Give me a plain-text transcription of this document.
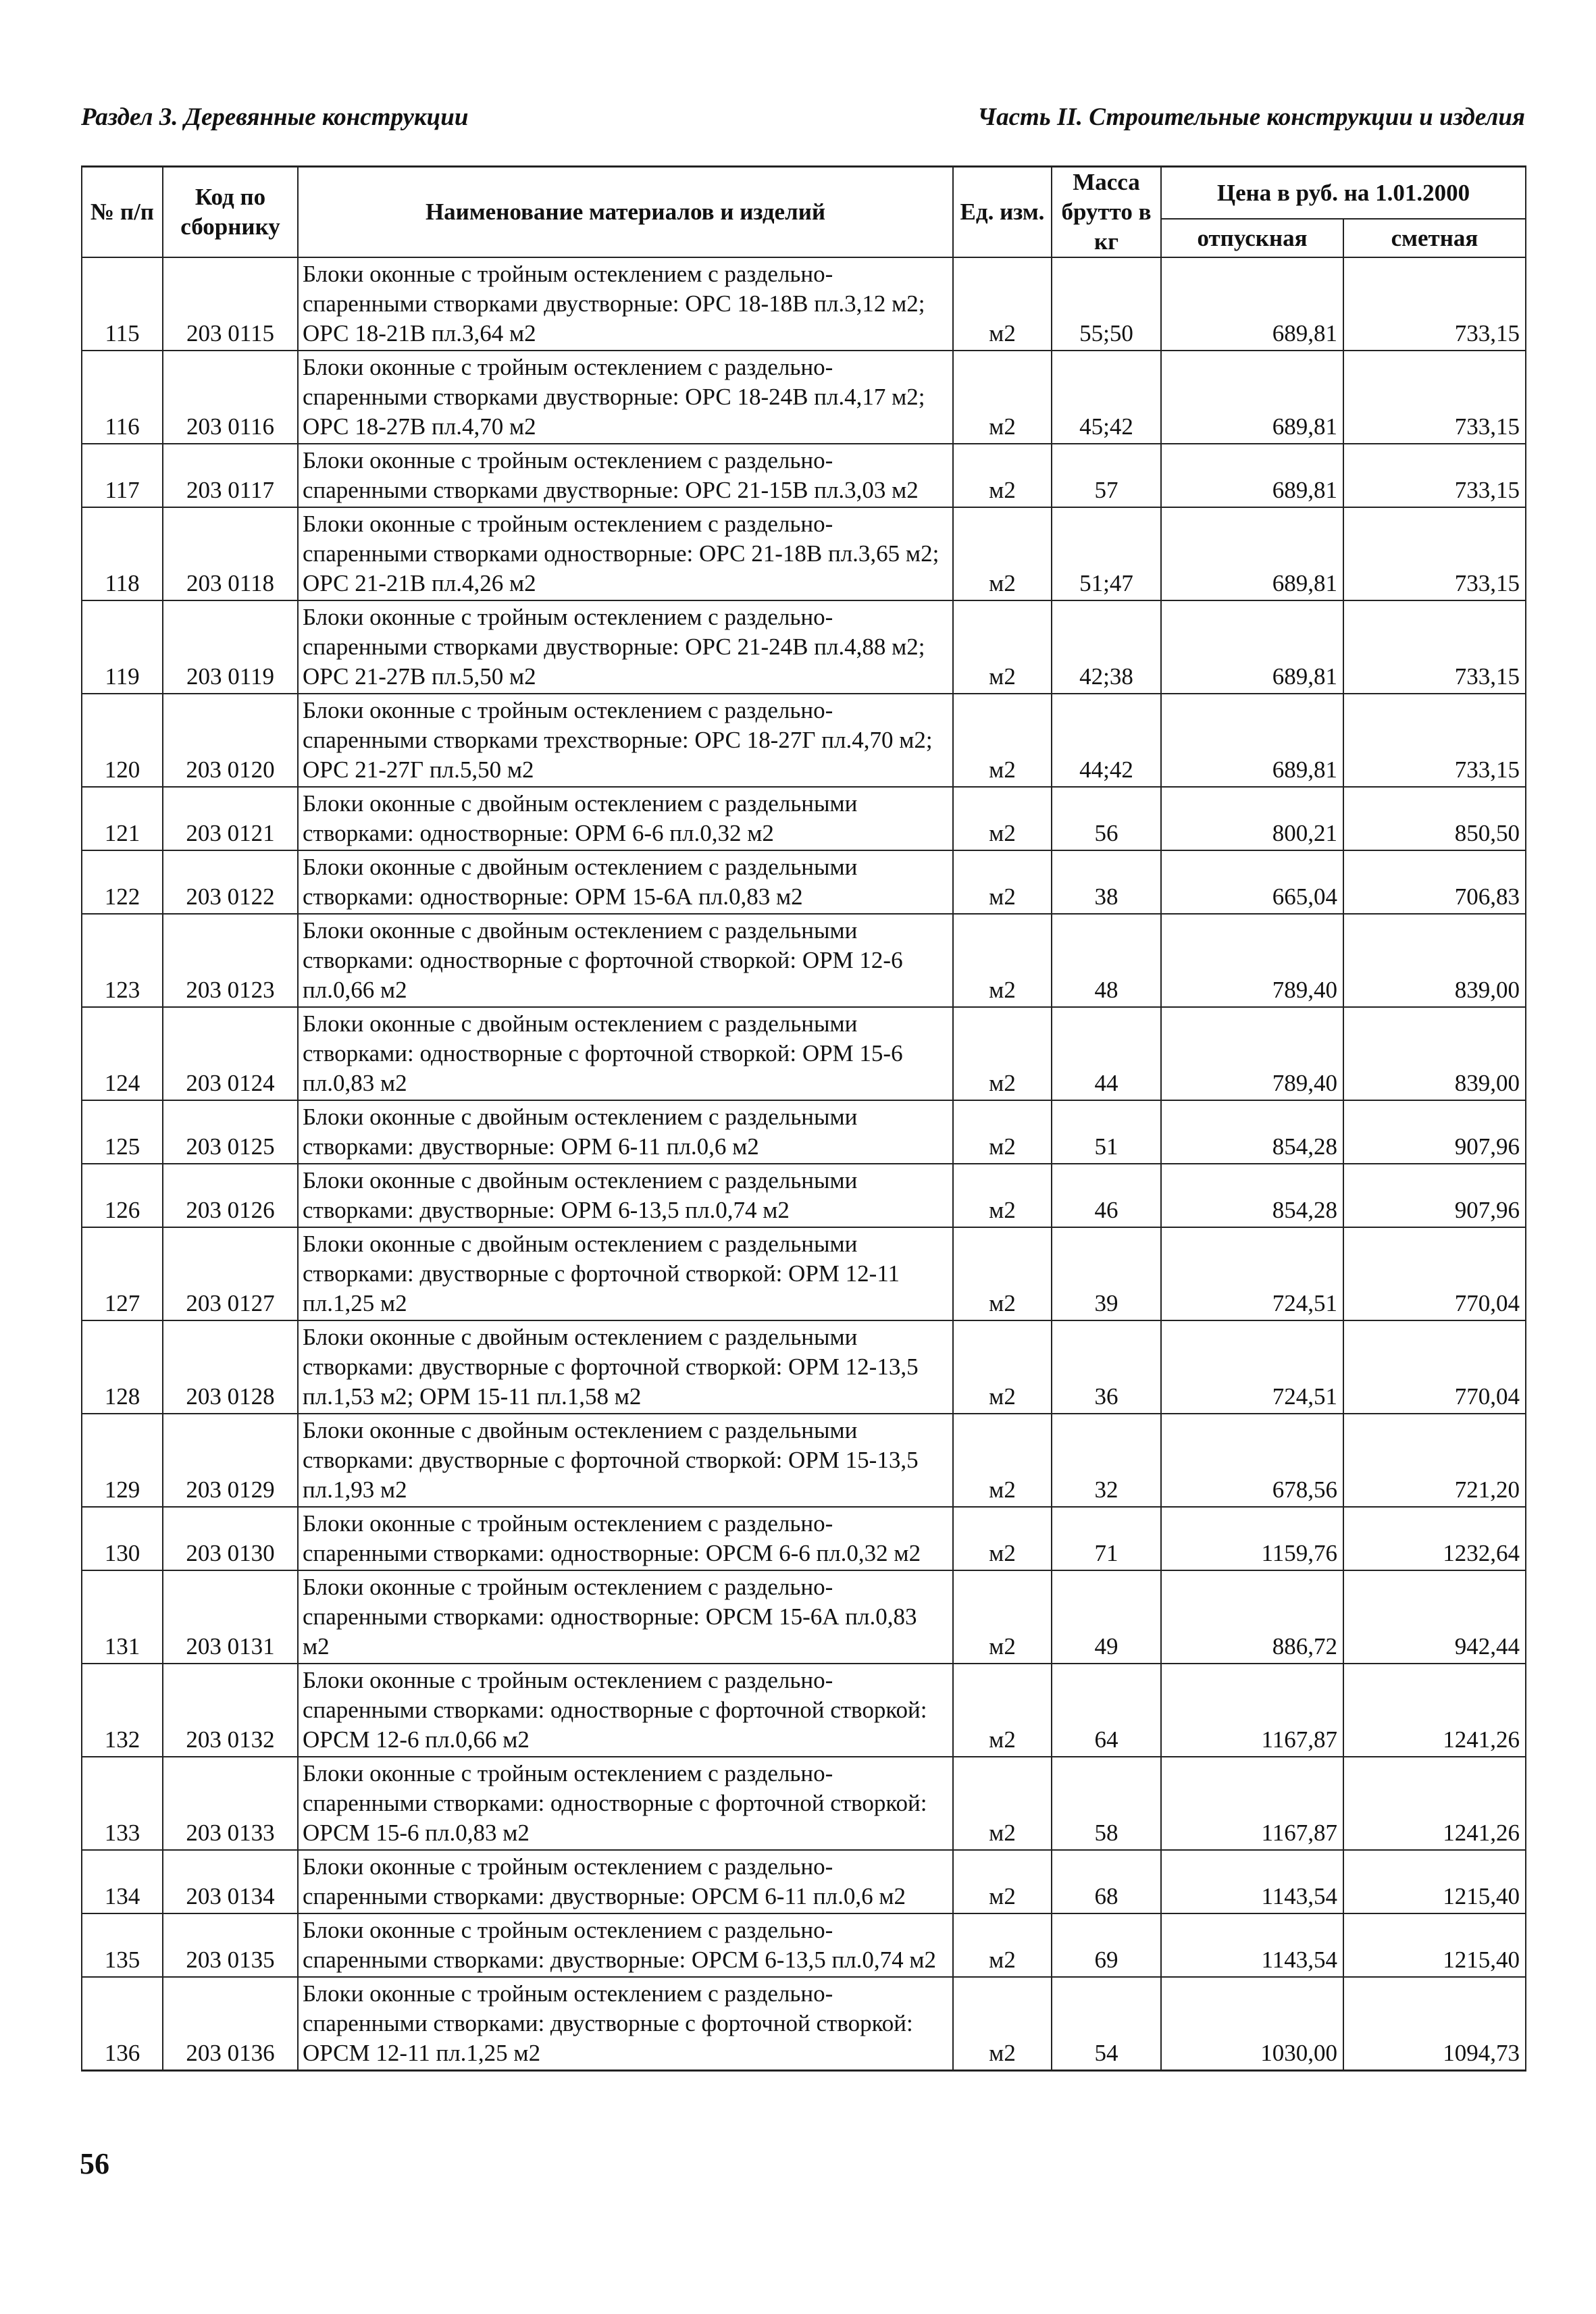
Раздел 3. Деревянные конструкции	Часть II. Строительные конструкции и изделия
№ п/п	Код по сборнику	Наименование материалов и изделий	Ед. изм.	Масса брутто в кг	Цена в руб. на 1.01.2000	
					отпускная	сметная
115	203 0115	Блоки оконные с тройным остеклением с раздельно-спаренными створками двустворные: ОРС 18-18В пл.3,12 м2; ОРС 18-21В пл.3,64 м2	м2	55;50	689,81	733,15
116	203 0116	Блоки оконные с тройным остеклением с раздельно-спаренными створками двустворные: ОРС 18-24В пл.4,17 м2; ОРС 18-27В пл.4,70 м2	м2	45;42	689,81	733,15
117	203 0117	Блоки оконные с тройным остеклением с раздельно-спаренными створками двустворные: ОРС 21-15В пл.3,03 м2	м2	57	689,81	733,15
118	203 0118	Блоки оконные с тройным остеклением с раздельно-спаренными створками одностворные: ОРС 21-18В пл.3,65 м2; ОРС 21-21В пл.4,26 м2	м2	51;47	689,81	733,15
119	203 0119	Блоки оконные с тройным остеклением с раздельно-спаренными створками двустворные: ОРС 21-24В пл.4,88 м2; ОРС 21-27В пл.5,50 м2	м2	42;38	689,81	733,15
120	203 0120	Блоки оконные с тройным остеклением с раздельно-спаренными створками трехстворные: ОРС 18-27Г пл.4,70 м2; ОРС 21-27Г пл.5,50 м2	м2	44;42	689,81	733,15
121	203 0121	Блоки оконные с двойным остеклением с раздельными створками: одностворные: ОРМ 6-6 пл.0,32 м2	м2	56	800,21	850,50
122	203 0122	Блоки оконные с двойным остеклением с раздельными створками: одностворные: ОРМ 15-6А пл.0,83 м2	м2	38	665,04	706,83
123	203 0123	Блоки оконные с двойным остеклением с раздельными створками: одностворные с форточной створкой: ОРМ 12-6 пл.0,66 м2	м2	48	789,40	839,00
124	203 0124	Блоки оконные с двойным остеклением с раздельными створками: одностворные с форточной створкой: ОРМ 15-6 пл.0,83 м2	м2	44	789,40	839,00
125	203 0125	Блоки оконные с двойным остеклением с раздельными створками: двустворные: ОРМ 6-11 пл.0,6 м2	м2	51	854,28	907,96
126	203 0126	Блоки оконные с двойным остеклением с раздельными створками: двустворные: ОРМ 6-13,5 пл.0,74 м2	м2	46	854,28	907,96
127	203 0127	Блоки оконные с двойным остеклением с раздельными створками: двустворные с форточной створкой: ОРМ 12-11 пл.1,25 м2	м2	39	724,51	770,04
128	203 0128	Блоки оконные с двойным остеклением с раздельными створками: двустворные с форточной створкой: ОРМ 12-13,5 пл.1,53 м2; ОРМ 15-11 пл.1,58 м2	м2	36	724,51	770,04
129	203 0129	Блоки оконные с двойным остеклением с раздельными створками: двустворные с форточной створкой: ОРМ 15-13,5 пл.1,93 м2	м2	32	678,56	721,20
130	203 0130	Блоки оконные с тройным остеклением с раздельно-спаренными створками: одностворные: ОРСМ 6-6 пл.0,32 м2	м2	71	1159,76	1232,64
131	203 0131	Блоки оконные с тройным остеклением с раздельно-спаренными створками: одностворные: ОРСМ 15-6А пл.0,83 м2	м2	49	886,72	942,44
132	203 0132	Блоки оконные с тройным остеклением с раздельно-спаренными створками: одностворные с форточной створкой: ОРСМ 12-6 пл.0,66 м2	м2	64	1167,87	1241,26
133	203 0133	Блоки оконные с тройным остеклением с раздельно-спаренными створками: одностворные с форточной створкой: ОРСМ 15-6 пл.0,83 м2	м2	58	1167,87	1241,26
134	203 0134	Блоки оконные с тройным остеклением с раздельно-спаренными створками: двустворные: ОРСМ 6-11 пл.0,6 м2	м2	68	1143,54	1215,40
135	203 0135	Блоки оконные с тройным остеклением с раздельно-спаренными створками: двустворные: ОРСМ 6-13,5 пл.0,74 м2	м2	69	1143,54	1215,40
136	203 0136	Блоки оконные с тройным остеклением с раздельно-спаренными створками: двустворные с форточной створкой: ОРСМ 12-11 пл.1,25 м2	м2	54	1030,00	1094,73
56
